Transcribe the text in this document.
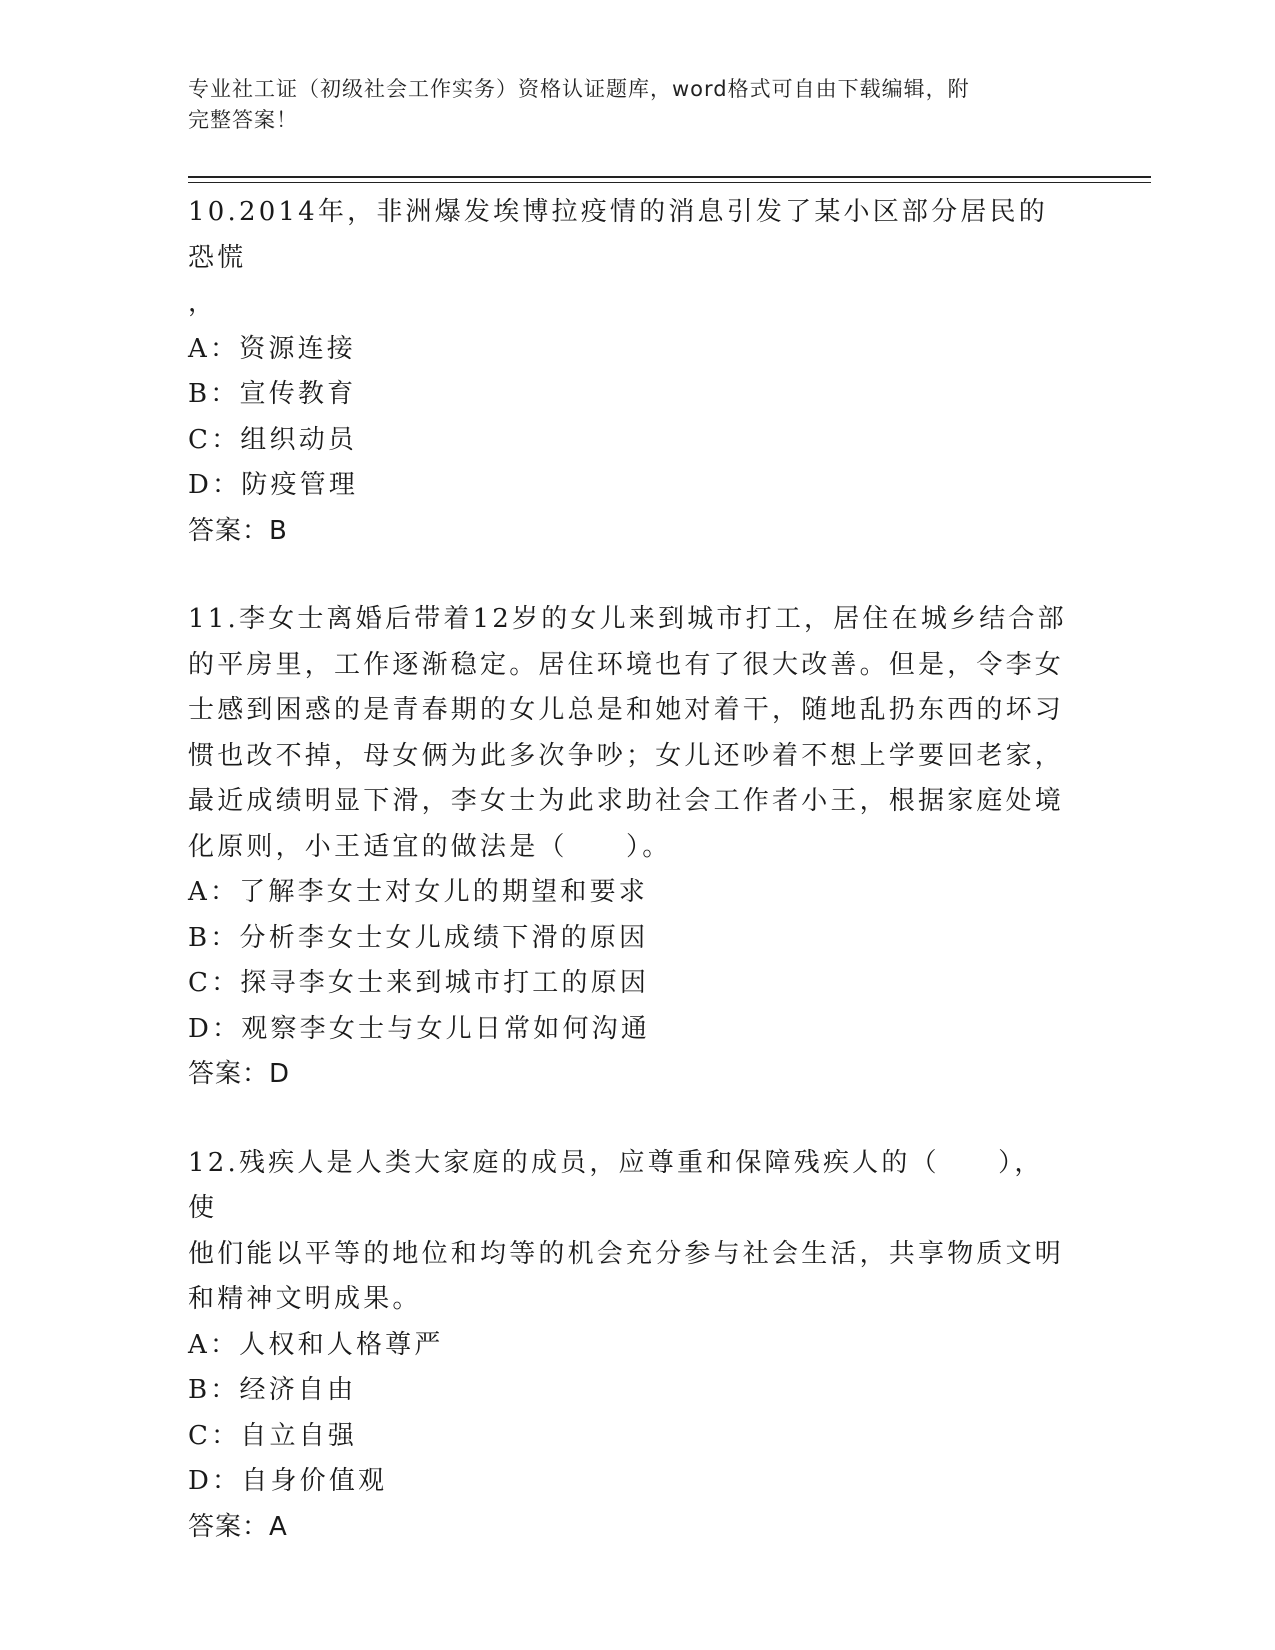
专业社工证（初级社会工作实务）资格认证题库，word格式可自由下载编辑，附
完整答案！

10.2014年，非洲爆发埃博拉疫情的消息引发了某小区部分居民的恐慌

，

A：资源连接

B：宣传教育

C：组织动员

D：防疫管理

答案：B

11.李女士离婚后带着12岁的女儿来到城市打工，居住在城乡结合部

的平房里，工作逐渐稳定。居住环境也有了很大改善。但是，令李女

士感到困惑的是青春期的女儿总是和她对着干，随地乱扔东西的坏习

惯也改不掉，母女俩为此多次争吵；女儿还吵着不想上学要回老家，

最近成绩明显下滑，李女士为此求助社会工作者小王，根据家庭处境

化原则，小王适宜的做法是（　　）。

A：了解李女士对女儿的期望和要求

B：分析李女士女儿成绩下滑的原因

C：探寻李女士来到城市打工的原因

D：观察李女士与女儿日常如何沟通

答案：D

12.残疾人是人类大家庭的成员，应尊重和保障残疾人的（　　），使

他们能以平等的地位和均等的机会充分参与社会生活，共享物质文明

和精神文明成果。

A：人权和人格尊严

B：经济自由

C：自立自强

D：自身价值观

答案：A
